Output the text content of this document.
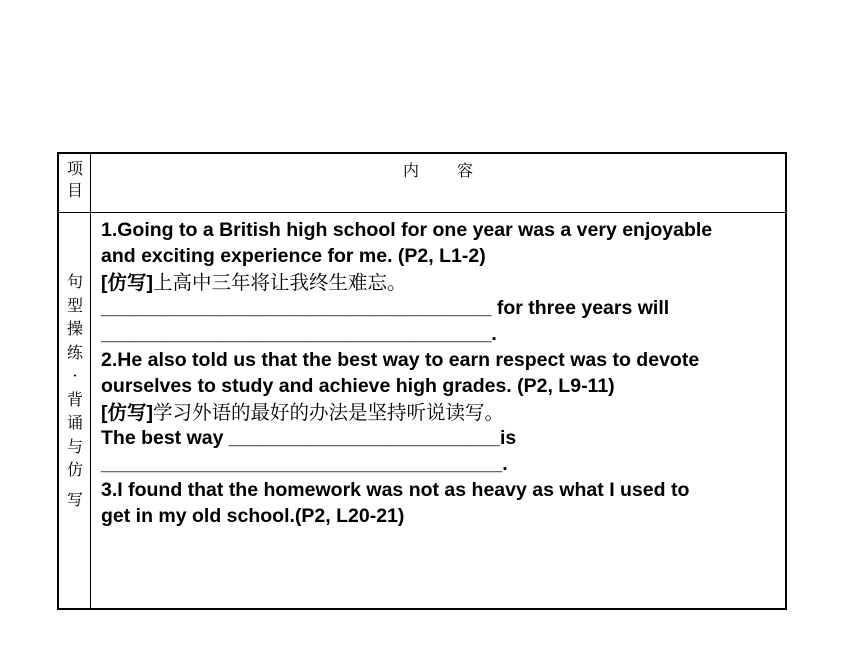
项目
内　　容
句
型
操
练
·
背
诵
与
仿
写

1.Going to a British high school for one year was a very enjoyable

and exciting experience for me. (P2, L1-2)

[仿写]上高中三年将让我终生难忘。

____________________________________ for three years will

____________________________________.

2.He also told us that the best way to earn respect was to devote

ourselves to study and achieve high grades. (P2, L9-11)

[仿写]学习外语的最好的办法是坚持听说读写。

The best way _________________________is

_____________________________________.

3.I found that the homework was not as heavy as what I used to

get in my old school.(P2, L20-21)
